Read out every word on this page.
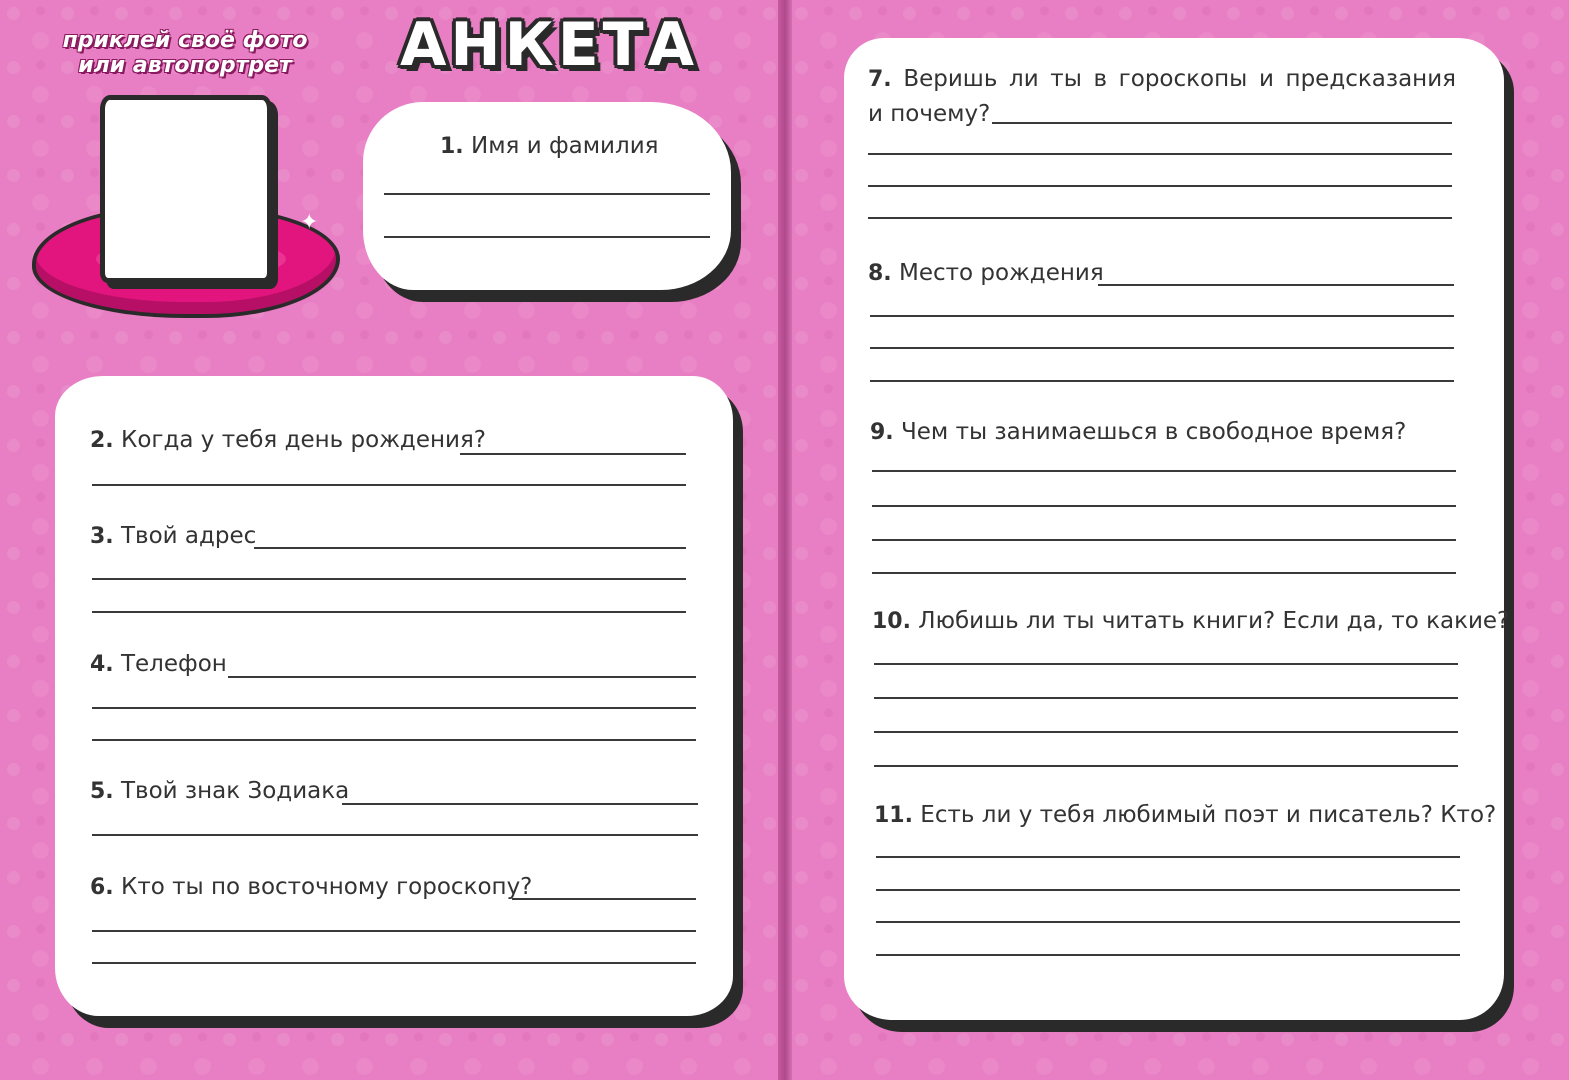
приклей своё фото
или автопортрет
✦
АНКЕТА
1. Имя и фамилия
2. Когда у тебя день рождения?
3. Твой адрес
4. Телефон
5. Твой знак Зодиака
6. Кто ты по восточному гороскопу?
7. Веришь ли ты в гороскопы и предсказания
и почему?
8. Место рождения
9. Чем ты занимаешься в свободное время?
10. Любишь ли ты читать книги? Если да, то какие?
11. Есть ли у тебя любимый поэт и писатель? Кто?
